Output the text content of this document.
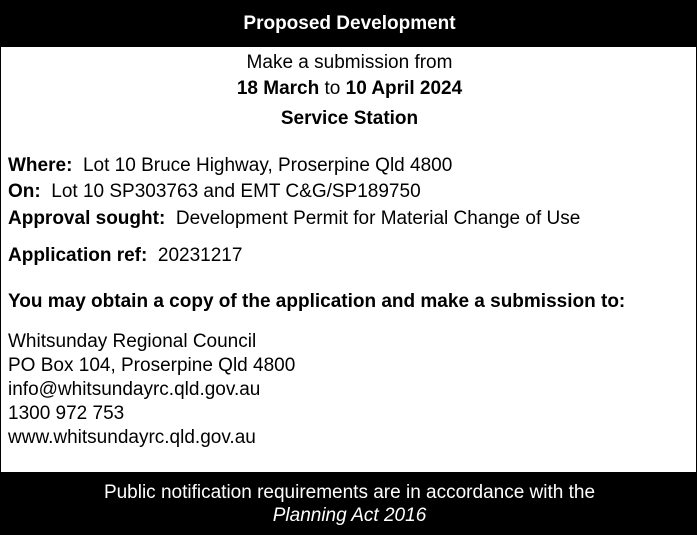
Proposed Development
Make a submission from
18 March to 10 April 2024
Service Station
Where: Lot 10 Bruce Highway, Proserpine Qld 4800
On: Lot 10 SP303763 and EMT C&G/SP189750
Approval sought: Development Permit for Material Change of Use
Application ref: 20231217
You may obtain a copy of the application and make a submission to:
Whitsunday Regional Council
PO Box 104, Proserpine Qld 4800
info@whitsundayrc.qld.gov.au
1300 972 753
www.whitsundayrc.qld.gov.au
Public notification requirements are in accordance with the
Planning Act 2016
